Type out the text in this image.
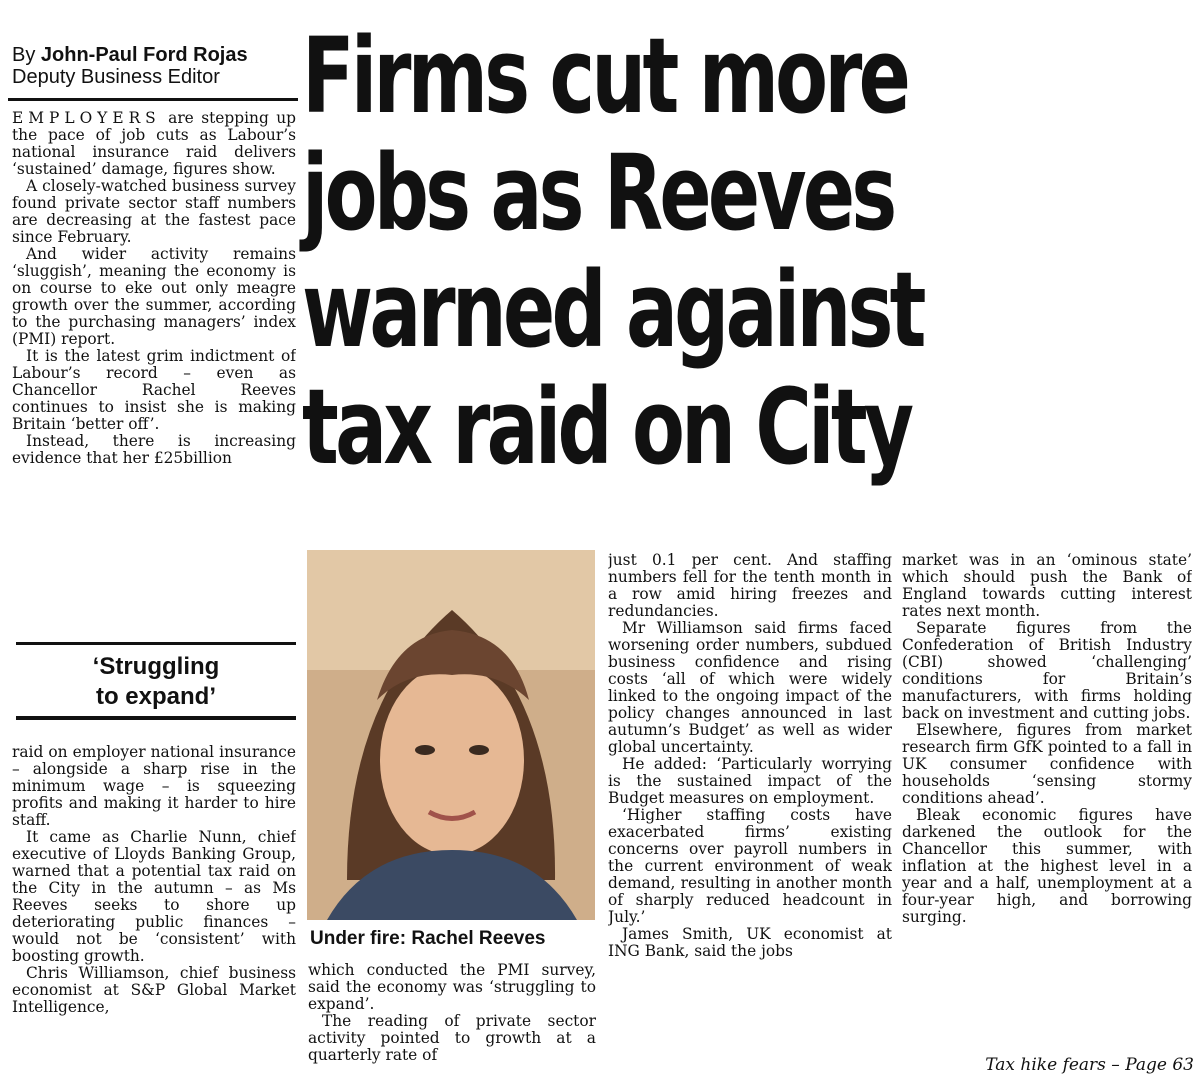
By John-Paul Ford Rojas
Deputy Business Editor Firms cut more
jobs as Reeves
warned against
tax raid on City

EMPLOYERS are stepping up the pace of job cuts as Labour’s national insurance raid delivers ‘sustained’ damage, figures show.

A closely-watched business survey found private sector staff numbers are decreasing at the fastest pace since February.

And wider activity remains ‘sluggish’, meaning the economy is on course to eke out only meagre growth over the summer, according to the purchasing managers’ index (PMI) report.

It is the latest grim indictment of Labour’s record – even as Chancellor Rachel Reeves continues to insist she is making Britain ‘better off’.

Instead, there is increasing evidence that her £25billion

‘Struggling
to expand’

raid on employer national insurance – alongside a sharp rise in the minimum wage – is squeezing profits and making it harder to hire staff.

It came as Charlie Nunn, chief executive of Lloyds Banking Group, warned that a potential tax raid on the City in the autumn – as Ms Reeves seeks to shore up deteriorating public finances – would not be ‘consistent’ with boosting growth.

Chris Williamson, chief business economist at S&P Global Market Intelligence,

Under fire: Rachel Reeves

which conducted the PMI survey, said the economy was ‘struggling to expand’.

The reading of private sector activity pointed to growth at a quarterly rate of

just 0.1 per cent. And staffing numbers fell for the tenth month in a row amid hiring freezes and redundancies.

Mr Williamson said firms faced worsening order numbers, subdued business confidence and rising costs ‘all of which were widely linked to the ongoing impact of the policy changes announced in last autumn’s Budget’ as well as wider global uncertainty.

He added: ‘Particularly worrying is the sustained impact of the Budget measures on employment.

‘Higher staffing costs have exacerbated firms’ existing concerns over payroll numbers in the current environment of weak demand, resulting in another month of sharply reduced headcount in July.’

James Smith, UK economist at ING Bank, said the jobs

market was in an ‘ominous state’ which should push the Bank of England towards cutting interest rates next month.

Separate figures from the Confederation of British Industry (CBI) showed ‘challenging’ conditions for Britain’s manufacturers, with firms holding back on investment and cutting jobs.

Elsewhere, figures from market research firm GfK pointed to a fall in UK consumer confidence with households ‘sensing stormy conditions ahead’.

Bleak economic figures have darkened the outlook for the Chancellor this summer, with inflation at the highest level in a year and a half, unemployment at a four-year high, and borrowing surging.

Tax hike fears – Page 63
